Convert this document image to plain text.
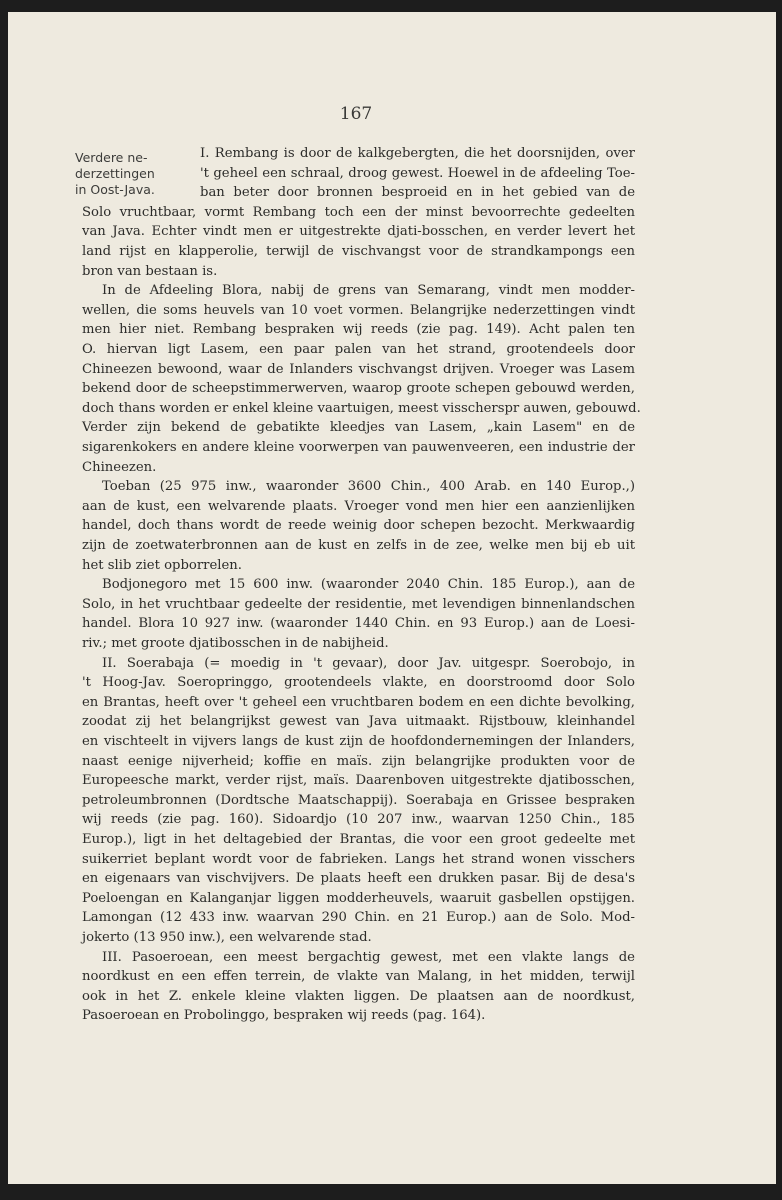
167
Verdere ne-
derzettingen
in Oost-Java.
I. Rembang is door de kalkgebergten, die het doorsnijden, over
't geheel een schraal, droog gewest. Hoewel in de afdeeling Toe-
ban beter door bronnen besproeid en in het gebied van de
Solo vruchtbaar, vormt Rembang toch een der minst bevoorrechte gedeelten
van Java. Echter vindt men er uitgestrekte djati-bosschen, en verder levert het
land rijst en klapperolie, terwijl de vischvangst voor de strandkampongs een
bron van bestaan is.
In de Afdeeling Blora, nabij de grens van Semarang, vindt men modder-
wellen, die soms heuvels van 10 voet vormen. Belangrijke nederzettingen vindt
men hier niet. Rembang bespraken wij reeds (zie pag. 149). Acht palen ten
O. hiervan ligt Lasem, een paar palen van het strand, grootendeels door
Chineezen bewoond, waar de Inlanders vischvangst drijven. Vroeger was Lasem
bekend door de scheepstimmerwerven, waarop groote schepen gebouwd werden,
doch thans worden er enkel kleine vaartuigen, meest visscherspr auwen, gebouwd.
Verder zijn bekend de gebatikte kleedjes van Lasem, „kain Lasem" en de
sigarenkokers en andere kleine voorwerpen van pauwenveeren, een industrie der
Chineezen.
Toeban (25 975 inw., waaronder 3600 Chin., 400 Arab. en 140 Europ.,)
aan de kust, een welvarende plaats. Vroeger vond men hier een aanzienlijken
handel, doch thans wordt de reede weinig door schepen bezocht. Merkwaardig
zijn de zoetwaterbronnen aan de kust en zelfs in de zee, welke men bij eb uit
het slib ziet opborrelen.
Bodjonegoro met 15 600 inw. (waaronder 2040 Chin. 185 Europ.), aan de
Solo, in het vruchtbaar gedeelte der residentie, met levendigen binnenlandschen
handel. Blora 10 927 inw. (waaronder 1440 Chin. en 93 Europ.) aan de Loesi-
riv.; met groote djatibosschen in de nabijheid.
II. Soerabaja (= moedig in 't gevaar), door Jav. uitgespr. Soerobojo, in
't Hoog-Jav. Soeropringgo, grootendeels vlakte, en doorstroomd door Solo
en Brantas, heeft over 't geheel een vruchtbaren bodem en een dichte bevolking,
zoodat zij het belangrijkst gewest van Java uitmaakt. Rijstbouw, kleinhandel
en vischteelt in vijvers langs de kust zijn de hoofdondernemingen der Inlanders,
naast eenige nijverheid; koffie en maïs. zijn belangrijke produkten voor de
Europeesche markt, verder rijst, maïs. Daarenboven uitgestrekte djatibosschen,
petroleumbronnen (Dordtsche Maatschappij). Soerabaja en Grissee bespraken
wij reeds (zie pag. 160). Sidoardjo (10 207 inw., waarvan 1250 Chin., 185
Europ.), ligt in het deltagebied der Brantas, die voor een groot gedeelte met
suikerriet beplant wordt voor de fabrieken. Langs het strand wonen visschers
en eigenaars van vischvijvers. De plaats heeft een drukken pasar. Bij de desa's
Poeloengan en Kalanganjar liggen modderheuvels, waaruit gasbellen opstijgen.
Lamongan (12 433 inw. waarvan 290 Chin. en 21 Europ.) aan de Solo. Mod-
jokerto (13 950 inw.), een welvarende stad.
III. Pasoeroean, een meest bergachtig gewest, met een vlakte langs de
noordkust en een effen terrein, de vlakte van Malang, in het midden, terwijl
ook in het Z. enkele kleine vlakten liggen. De plaatsen aan de noordkust,
Pasoeroean en Probolinggo, bespraken wij reeds (pag. 164).
